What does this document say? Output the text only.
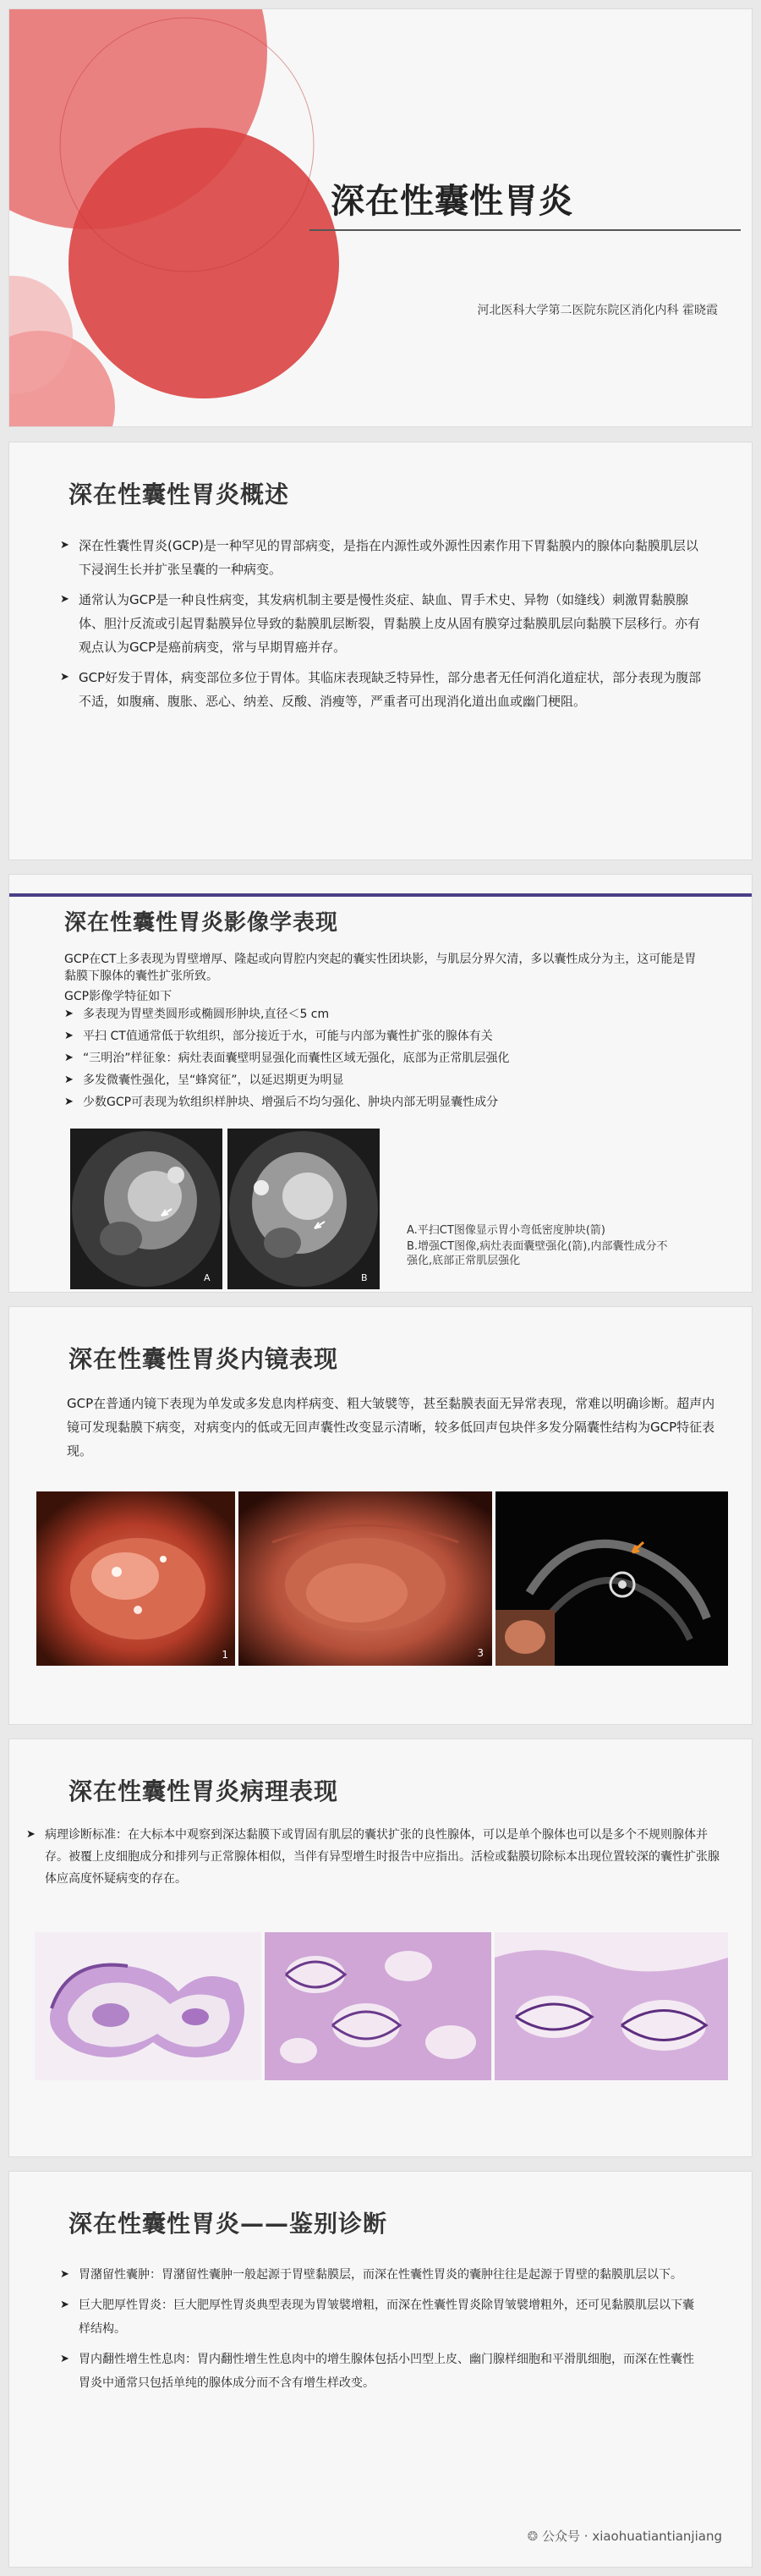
深在性囊性胃炎
河北医科大学第二医院东院区消化内科 霍晓霞
深在性囊性胃炎概述
➤ 深在性囊性胃炎(GCP)是一种罕见的胃部病变，是指在内源性或外源性因素作用下胃黏膜内的腺体向黏膜肌层以下浸润生长并扩张呈囊的一种病变。
➤ 通常认为GCP是一种良性病变，其发病机制主要是慢性炎症、缺血、胃手术史、异物（如缝线）刺激胃黏膜腺体、胆汁反流或引起胃黏膜异位导致的黏膜肌层断裂，胃黏膜上皮从固有膜穿过黏膜肌层向黏膜下层移行。亦有观点认为GCP是癌前病变，常与早期胃癌并存。
➤ GCP好发于胃体，病变部位多位于胃体。其临床表现缺乏特异性，部分患者无任何消化道症状，部分表现为腹部不适，如腹痛、腹胀、恶心、纳差、反酸、消瘦等，严重者可出现消化道出血或幽门梗阻。
深在性囊性胃炎影像学表现
GCP在CT上多表现为胃壁增厚、隆起或向胃腔内突起的囊实性团块影，与肌层分界欠清，多以囊性成分为主，这可能是胃黏膜下腺体的囊性扩张所致。
GCP影像学特征如下
➤ 多表现为胃壁类圆形或椭圆形肿块,直径＜5 cm
➤ 平扫 CT值通常低于软组织，部分接近于水，可能与内部为囊性扩张的腺体有关
➤ “三明治”样征象：病灶表面囊壁明显强化而囊性区域无强化，底部为正常肌层强化
➤ 多发微囊性强化，呈“蜂窝征”，以延迟期更为明显
➤ 少数GCP可表现为软组织样肿块、增强后不均匀强化、肿块内部无明显囊性成分
A	B
A.平扫CT图像显示胃小弯低密度肿块(箭)
B.增强CT图像,病灶表面囊壁强化(箭),内部囊性成分不强化,底部正常肌层强化
深在性囊性胃炎内镜表现
GCP在普通内镜下表现为单发或多发息肉样病变、粗大皱襞等，甚至黏膜表面无异常表现，常难以明确诊断。超声内镜可发现黏膜下病变，对病变内的低或无回声囊性改变显示清晰，较多低回声包块伴多发分隔囊性结构为GCP特征表现。
1	3
深在性囊性胃炎病理表现
➤ 病理诊断标准：在大标本中观察到深达黏膜下或胃固有肌层的囊状扩张的良性腺体，可以是单个腺体也可以是多个不规则腺体并存。被覆上皮细胞成分和排列与正常腺体相似，当伴有异型增生时报告中应指出。活检或黏膜切除标本出现位置较深的囊性扩张腺体应高度怀疑病变的存在。
深在性囊性胃炎——鉴别诊断
➤ 胃潴留性囊肿：胃潴留性囊肿一般起源于胃壁黏膜层，而深在性囊性胃炎的囊肿往往是起源于胃壁的黏膜肌层以下。
➤ 巨大肥厚性胃炎：巨大肥厚性胃炎典型表现为胃皱襞增粗，而深在性囊性胃炎除胃皱襞增粗外，还可见黏膜肌层以下囊样结构。
➤ 胃内翻性增生性息肉：胃内翻性增生性息肉中的增生腺体包括小凹型上皮、幽门腺样细胞和平滑肌细胞，而深在性囊性胃炎中通常只包括单纯的腺体成分而不含有增生样改变。
❂ 公众号 · xiaohuatiantianjiang
